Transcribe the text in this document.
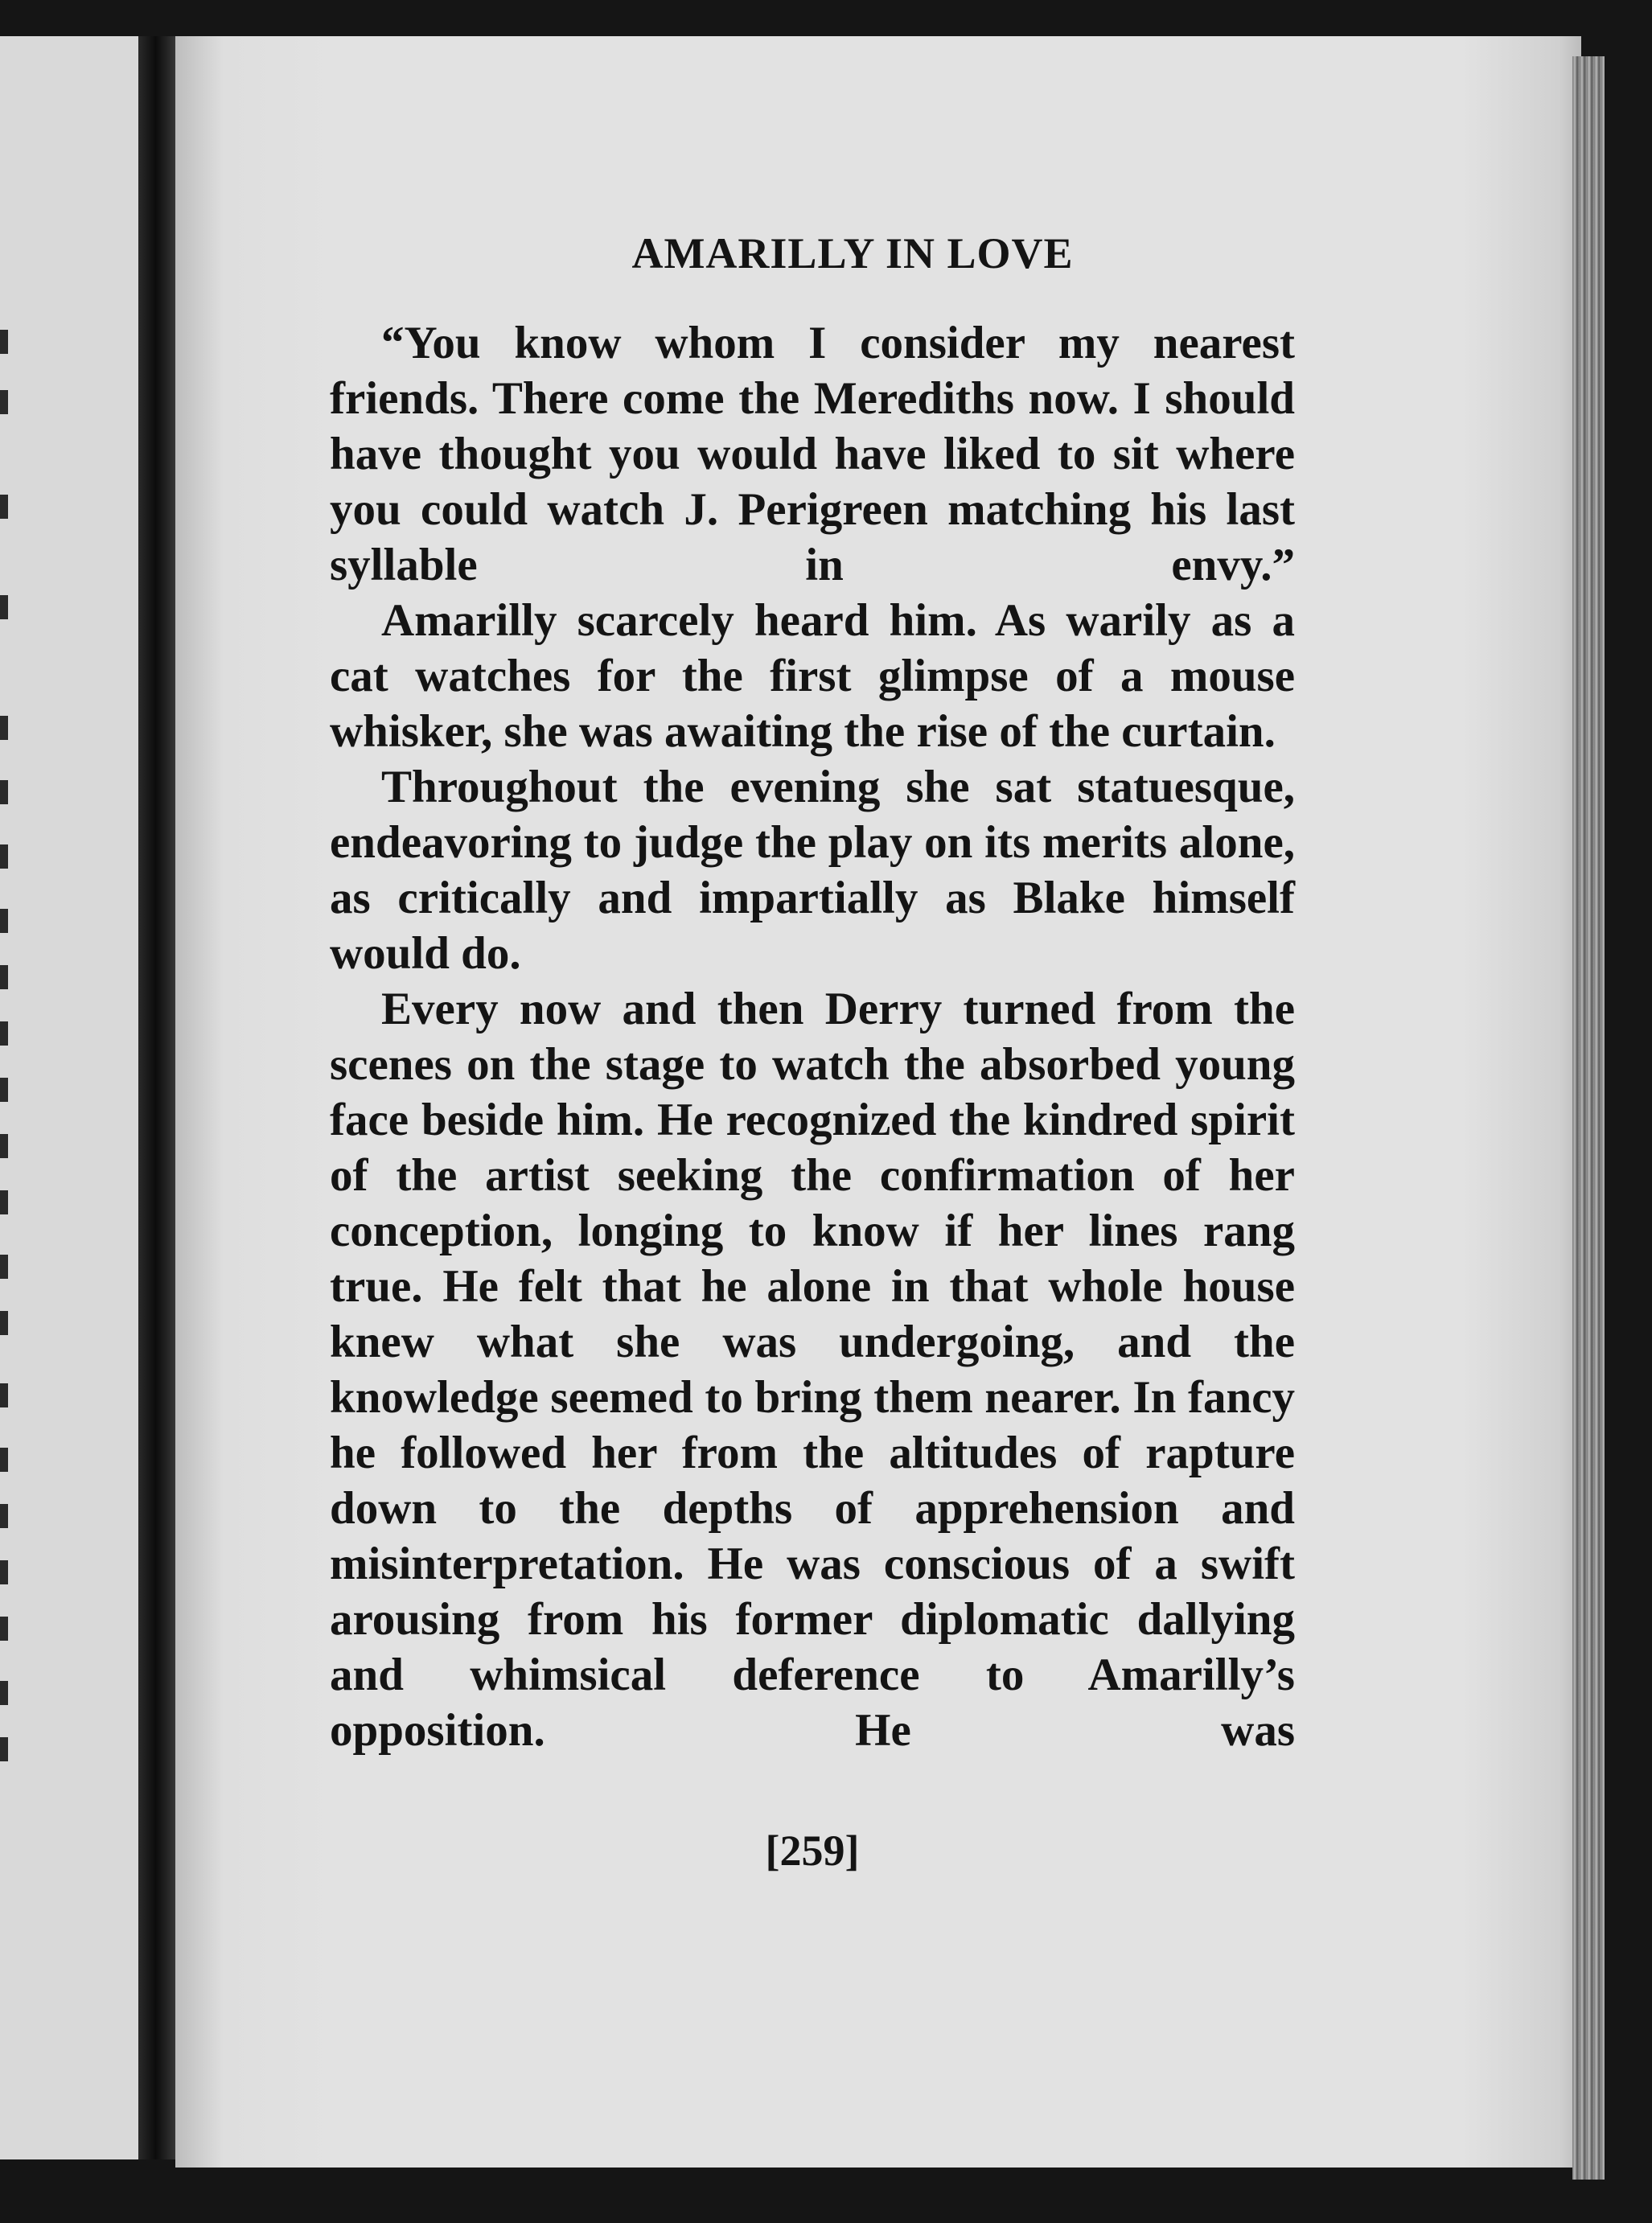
AMARILLY IN LOVE

“You know whom I consider my nearest friends. There come the Merediths now. I should have thought you would have liked to sit where you could watch J. Perigreen matching his last syllable in envy.”

Amarilly scarcely heard him. As warily as a cat watches for the first glimpse of a mouse whisker, she was awaiting the rise of the curtain.

Throughout the evening she sat statuesque, endeavoring to judge the play on its merits alone, as critically and impartially as Blake himself would do.

Every now and then Derry turned from the scenes on the stage to watch the absorbed young face beside him. He recognized the kindred spirit of the artist seeking the confirmation of her conception, longing to know if her lines rang true. He felt that he alone in that whole house knew what she was undergoing, and the knowledge seemed to bring them nearer. In fancy he followed her from the altitudes of rapture down to the depths of apprehension and misinterpretation. He was conscious of a swift arousing from his former diplomatic dallying and whimsical deference to Amarilly’s opposition. He was

[259]
